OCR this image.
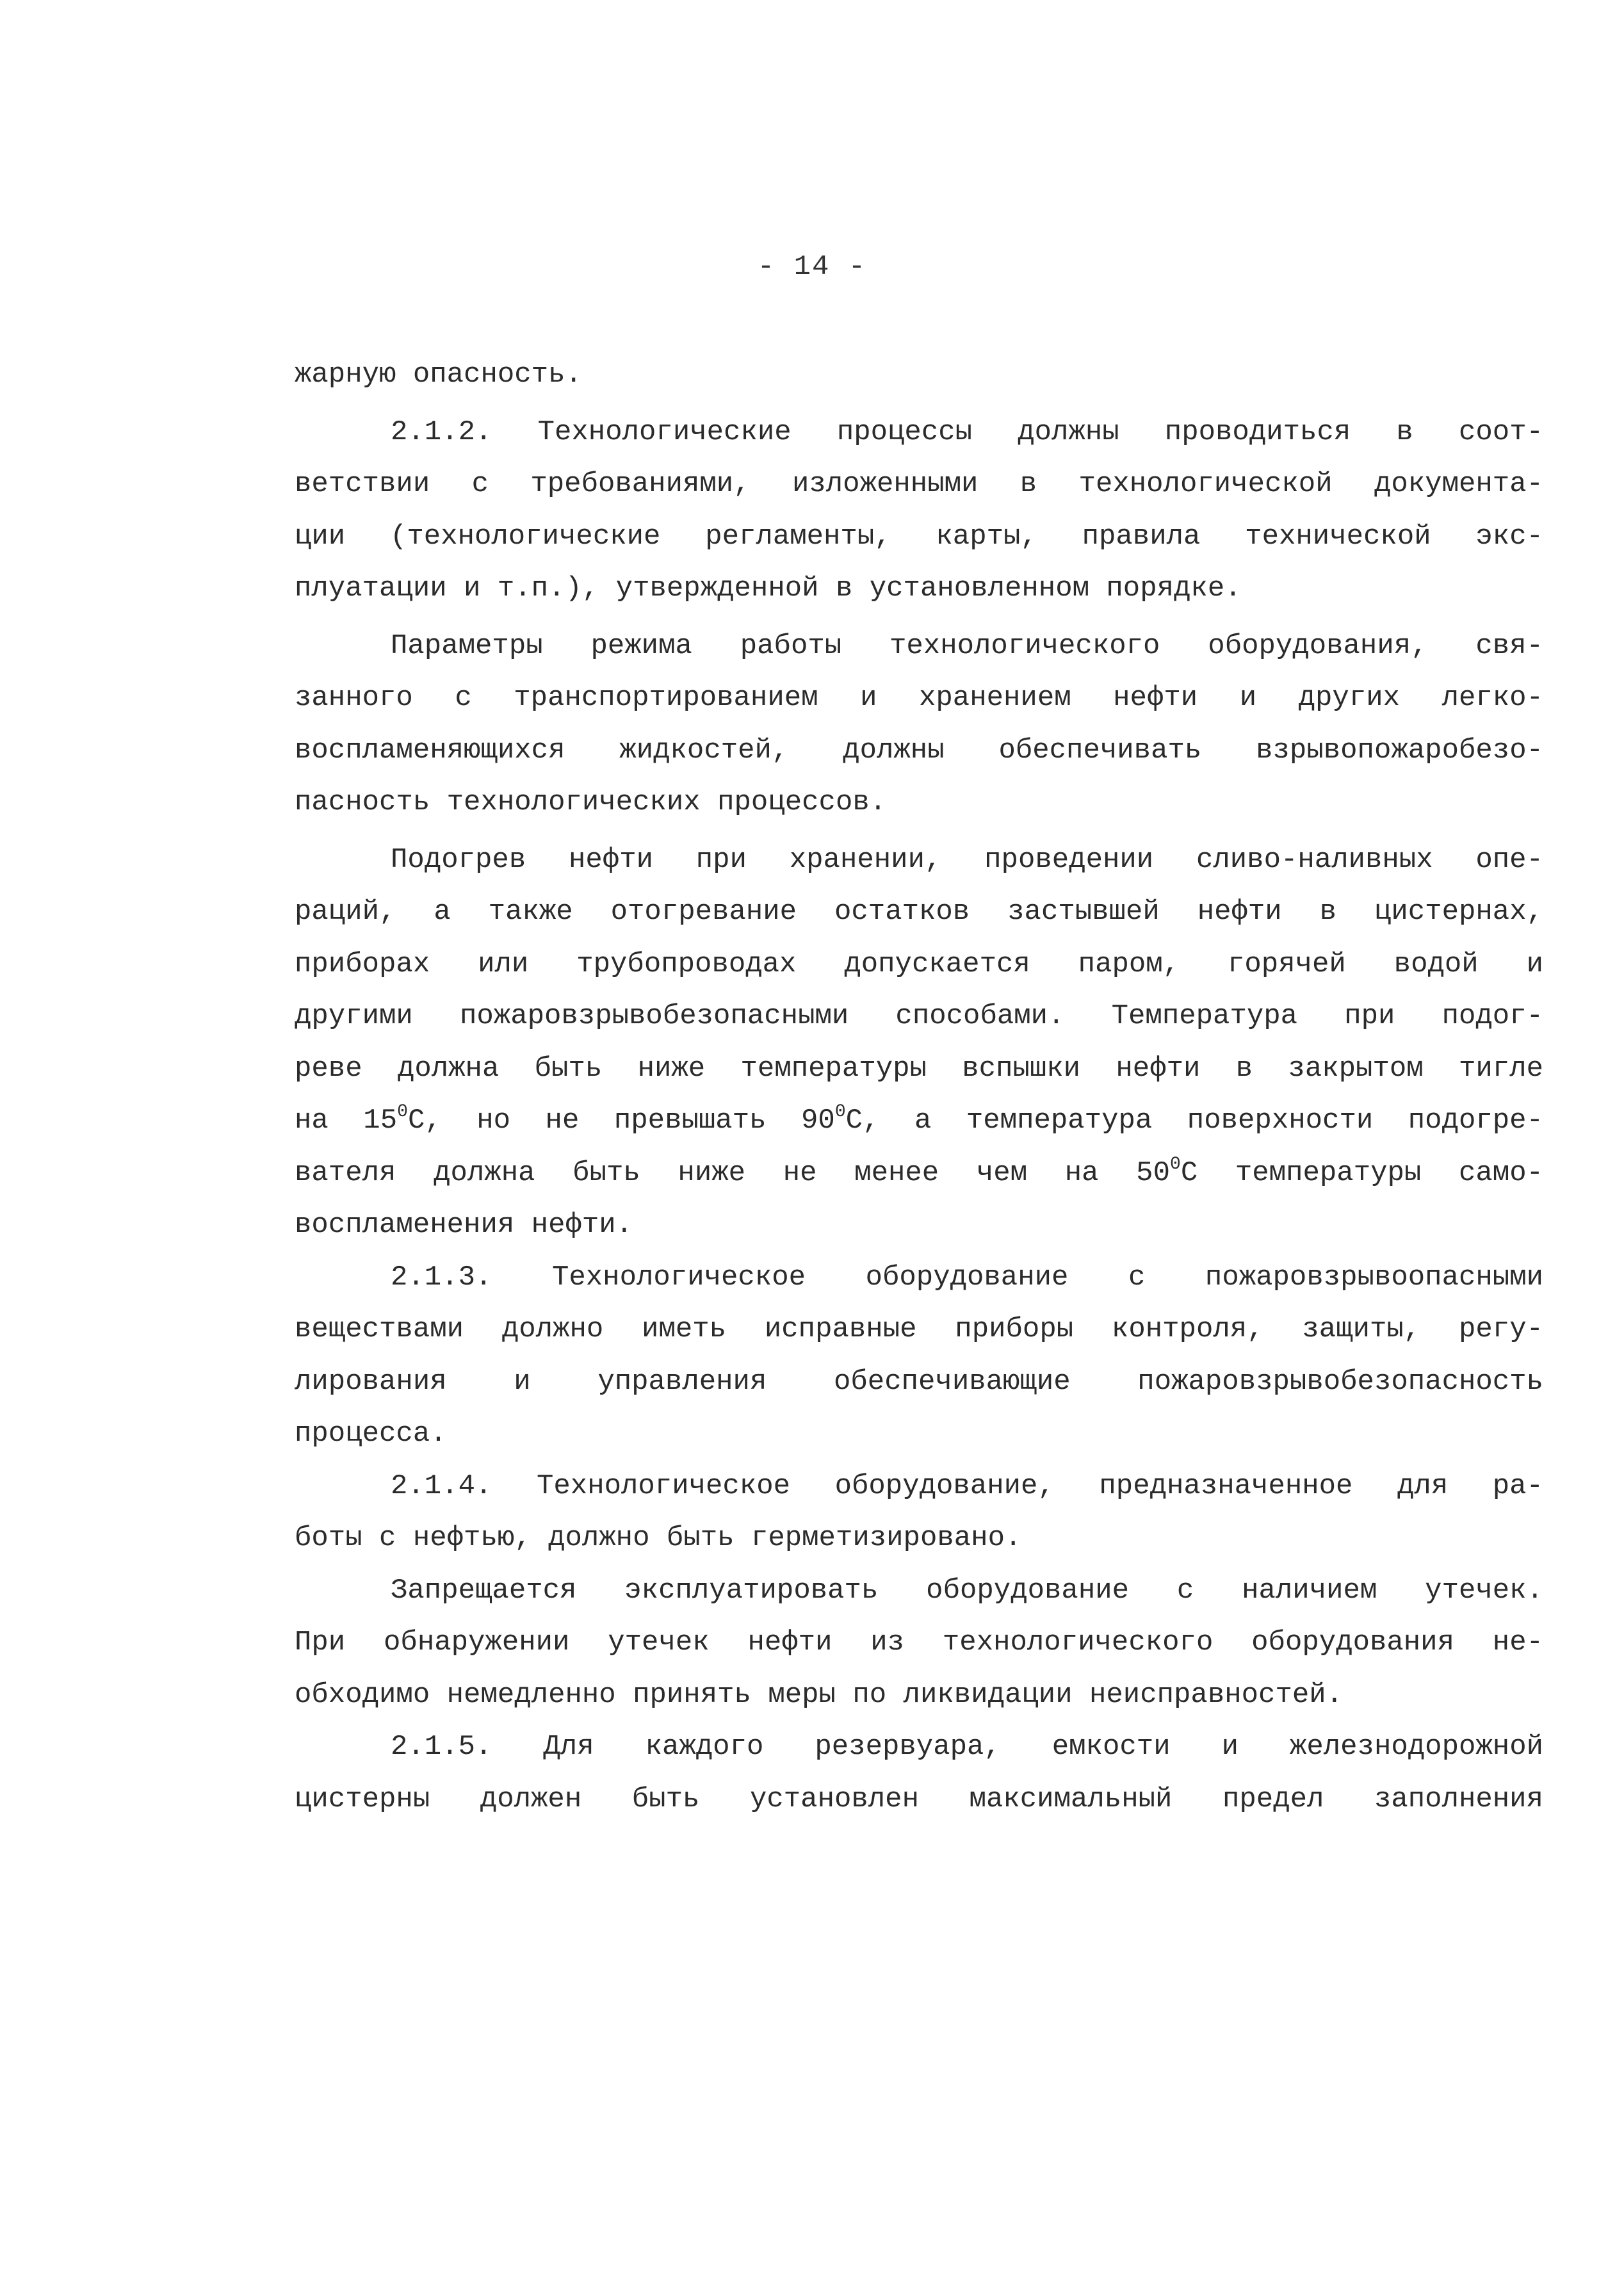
- 14 -
жарную опасность.
2.1.2. Технологические процессы должны проводиться в соот-
ветствии с требованиями, изложенными в технологической документа-
ции (технологические регламенты, карты, правила технической экс-
плуатации и т.п.), утвержденной в установленном порядке.
Параметры режима работы технологического оборудования, свя-
занного с транспортированием и хранением нефти и других легко-
воспламеняющихся жидкостей, должны обеспечивать взрывопожаробезо-
пасность технологических процессов.
Подогрев нефти при хранении, проведении сливо-наливных опе-
раций, а также отогревание остатков застывшей нефти в цистернах,
приборах или трубопроводах допускается паром, горячей водой и
другими пожаровзрывобезопасными способами. Температура при подог-
реве должна быть ниже температуры вспышки нефти в закрытом тигле
на $15^0С$, но не превышать $90^0С$, а температура поверхности подогре-
вателя должна быть ниже не менее чем на $50^0С$ температуры само-
воспламенения нефти.
2.1.3. Технологическое оборудование с пожаровзрывоопасными
веществами должно иметь исправные приборы контроля, защиты, регу-
лирования и управления обеспечивающие пожаровзрывобезопасность
процесса.
2.1.4. Технологическое оборудование, предназначенное для ра-
боты с нефтью, должно быть герметизировано.
Запрещается эксплуатировать оборудование с наличием утечек.
При обнаружении утечек нефти из технологического оборудования не-
обходимо немедленно принять меры по ликвидации неисправностей.
2.1.5. Для каждого резервуара, емкости и железнодорожной
цистерны должен быть установлен максимальный предел заполнения
